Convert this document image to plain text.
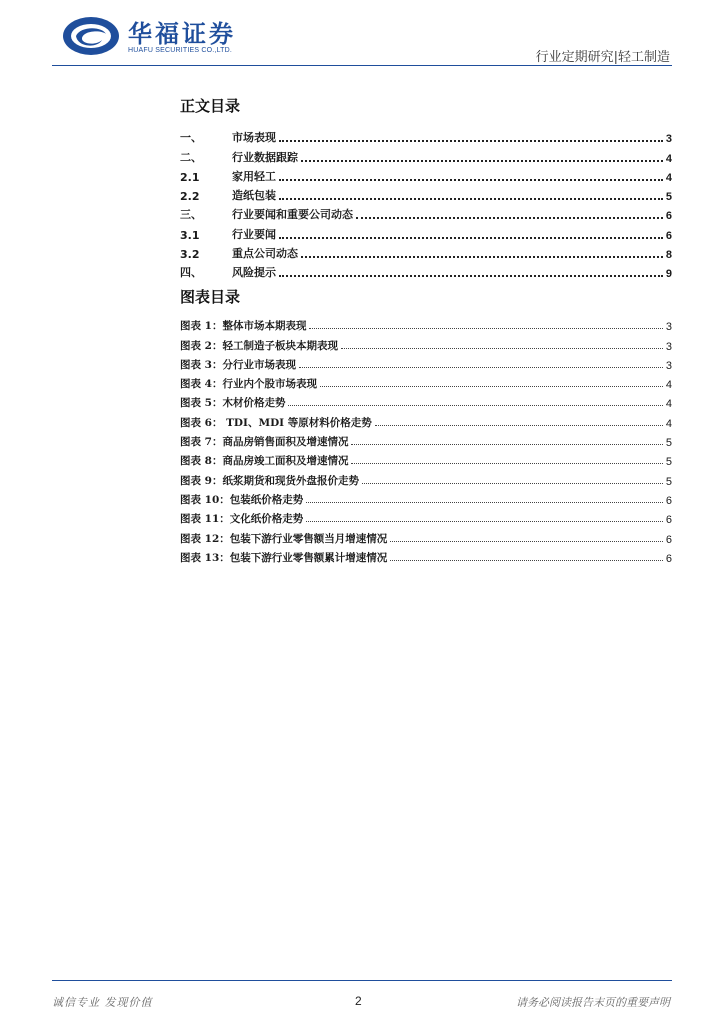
华福证券
HUAFU SECURITIES CO.,LTD.	行业定期研究|轻工制造
正文目录
一、	市场表现	3
二、	行业数据跟踪	4
2.1	家用轻工	4
2.2	造纸包装	5
三、	行业要闻和重要公司动态	6
3.1	行业要闻	6
3.2	重点公司动态	8
四、	风险提示	9
图表目录
图表 1：整体市场本期表现	3
图表 2：轻工制造子板块本期表现	3
图表 3：分行业市场表现	3
图表 4：行业内个股市场表现	4
图表 5：木材价格走势	4
图表 6： TDI、MDI 等原材料价格走势	4
图表 7：商品房销售面积及增速情况	5
图表 8：商品房竣工面积及增速情况	5
图表 9：纸浆期货和现货外盘报价走势	5
图表 10：包装纸价格走势	6
图表 11：文化纸价格走势	6
图表 12：包装下游行业零售额当月增速情况	6
图表 13：包装下游行业零售额累计增速情况	6
诚信专业 发现价值	2	请务必阅读报告末页的重要声明
